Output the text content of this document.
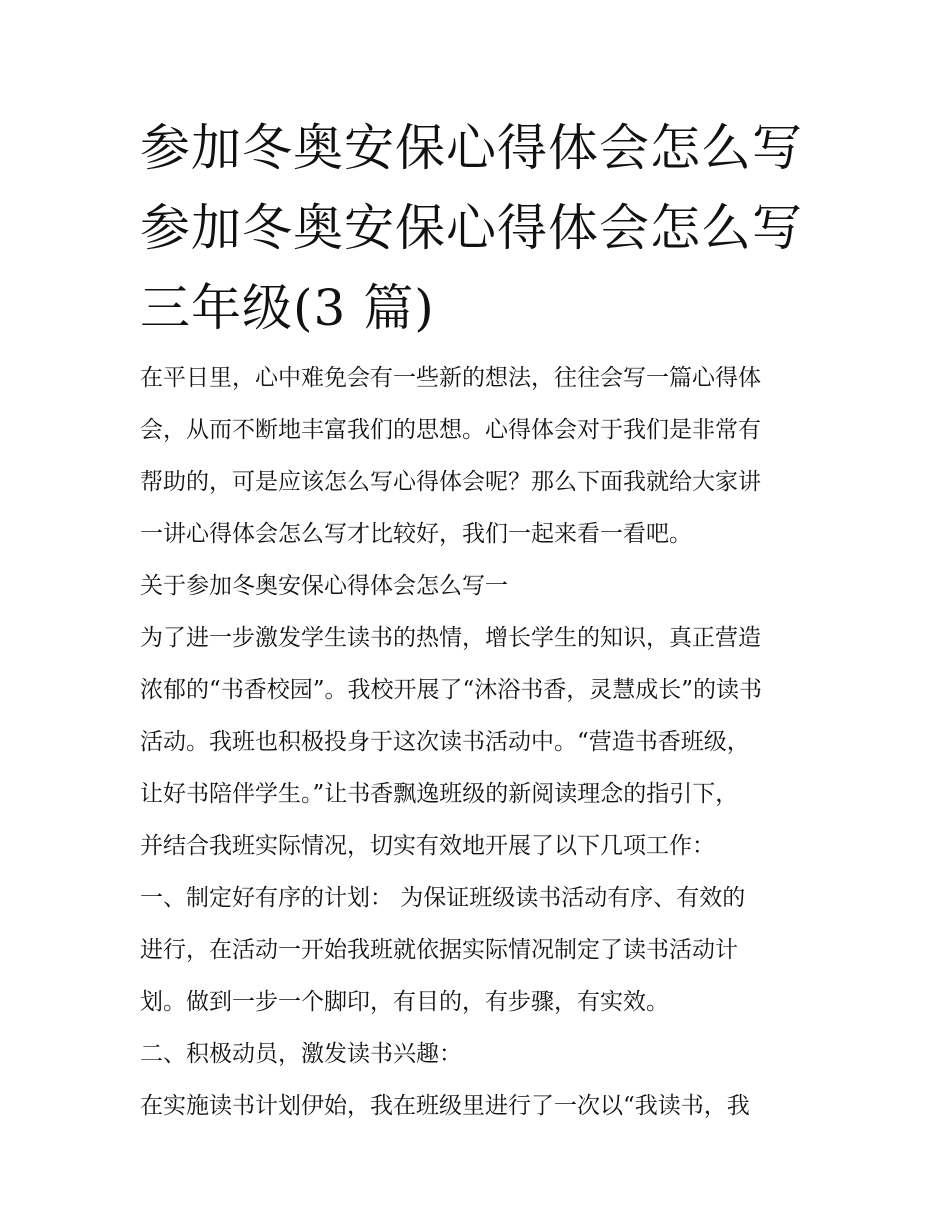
参加冬奥安保心得体会怎么写
参加冬奥安保心得体会怎么写
三年级(3 篇)
在平日里，心中难免会有一些新的想法，往往会写一篇心得体
会，从而不断地丰富我们的思想。心得体会对于我们是非常有
帮助的，可是应该怎么写心得体会呢？那么下面我就给大家讲
一讲心得体会怎么写才比较好，我们一起来看一看吧。
关于参加冬奥安保心得体会怎么写一
为了进一步激发学生读书的热情，增长学生的知识，真正营造
浓郁的“书香校园”。我校开展了“沐浴书香，灵慧成长”的读书
活动。我班也积极投身于这次读书活动中。“营造书香班级，
让好书陪伴学生。”让书香飘逸班级的新阅读理念的指引下，
并结合我班实际情况，切实有效地开展了以下几项工作：
一、制定好有序的计划： 为保证班级读书活动有序、有效的
进行，在活动一开始我班就依据实际情况制定了读书活动计
划。做到一步一个脚印，有目的，有步骤，有实效。
二、积极动员，激发读书兴趣：
在实施读书计划伊始，我在班级里进行了一次以“我读书，我
